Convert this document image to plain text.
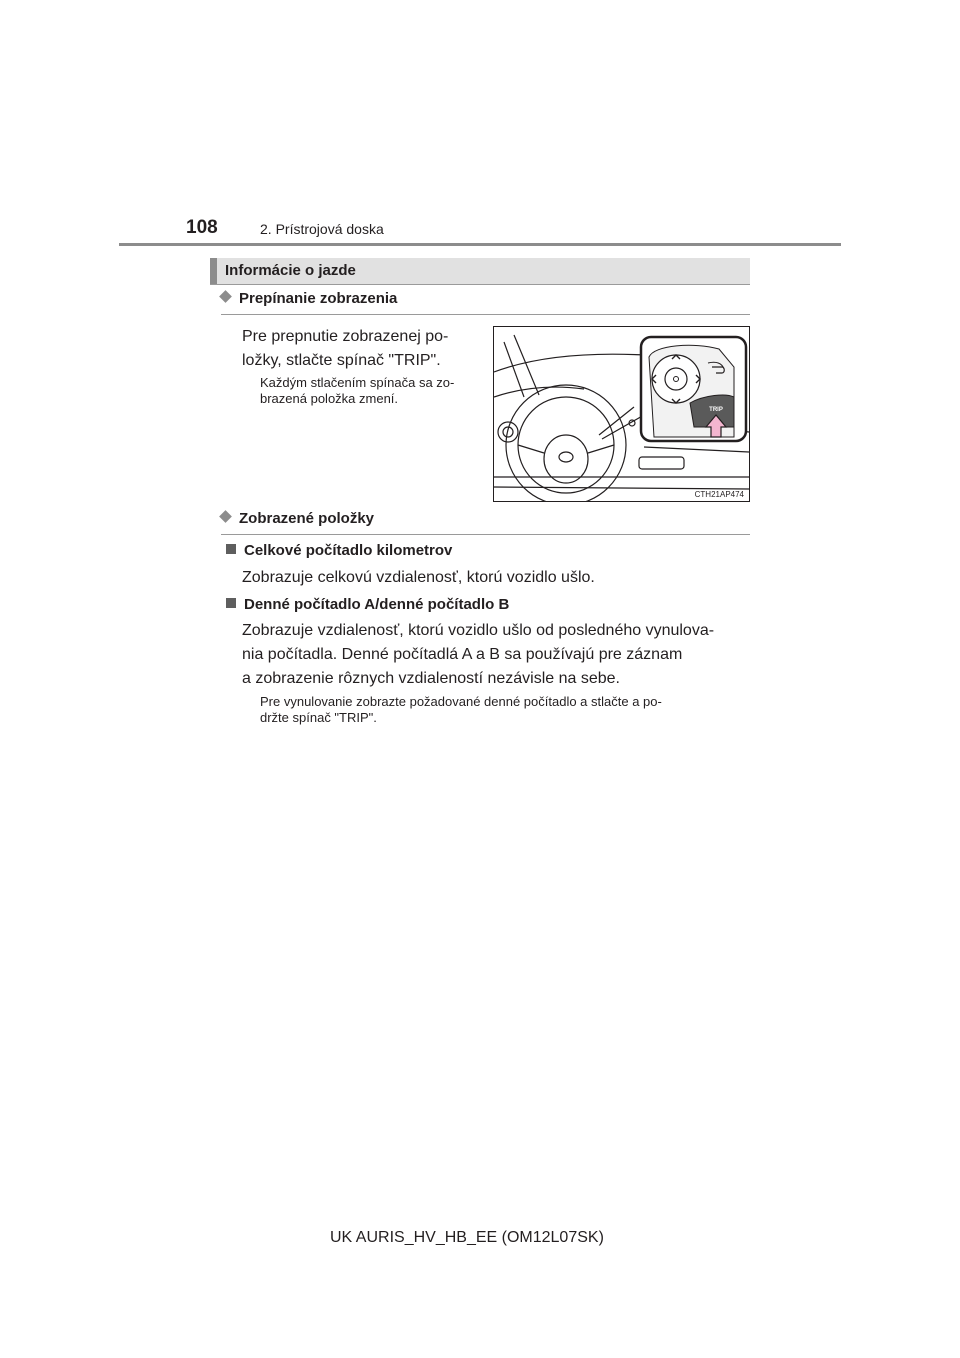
108	2. Prístrojová doska
Informácie o jazde
Prepínanie zobrazenia
Pre prepnutie zobrazenej po-
ložky, stlačte spínač "TRIP".
Každým stlačením spínača sa zo-
brazená položka zmení.
TRIP
CTH21AP474
Zobrazené položky
Celkové počítadlo kilometrov
Zobrazuje celkovú vzdialenosť, ktorú vozidlo ušlo.
Denné počítadlo A/denné počítadlo B
Zobrazuje vzdialenosť, ktorú vozidlo ušlo od posledného vynulova-
nia počítadla. Denné počítadlá A a B sa používajú pre záznam
a zobrazenie rôznych vzdialeností nezávisle na sebe.
Pre vynulovanie zobrazte požadované denné počítadlo a stlačte a po-
držte spínač "TRIP".
UK AURIS_HV_HB_EE (OM12L07SK)
